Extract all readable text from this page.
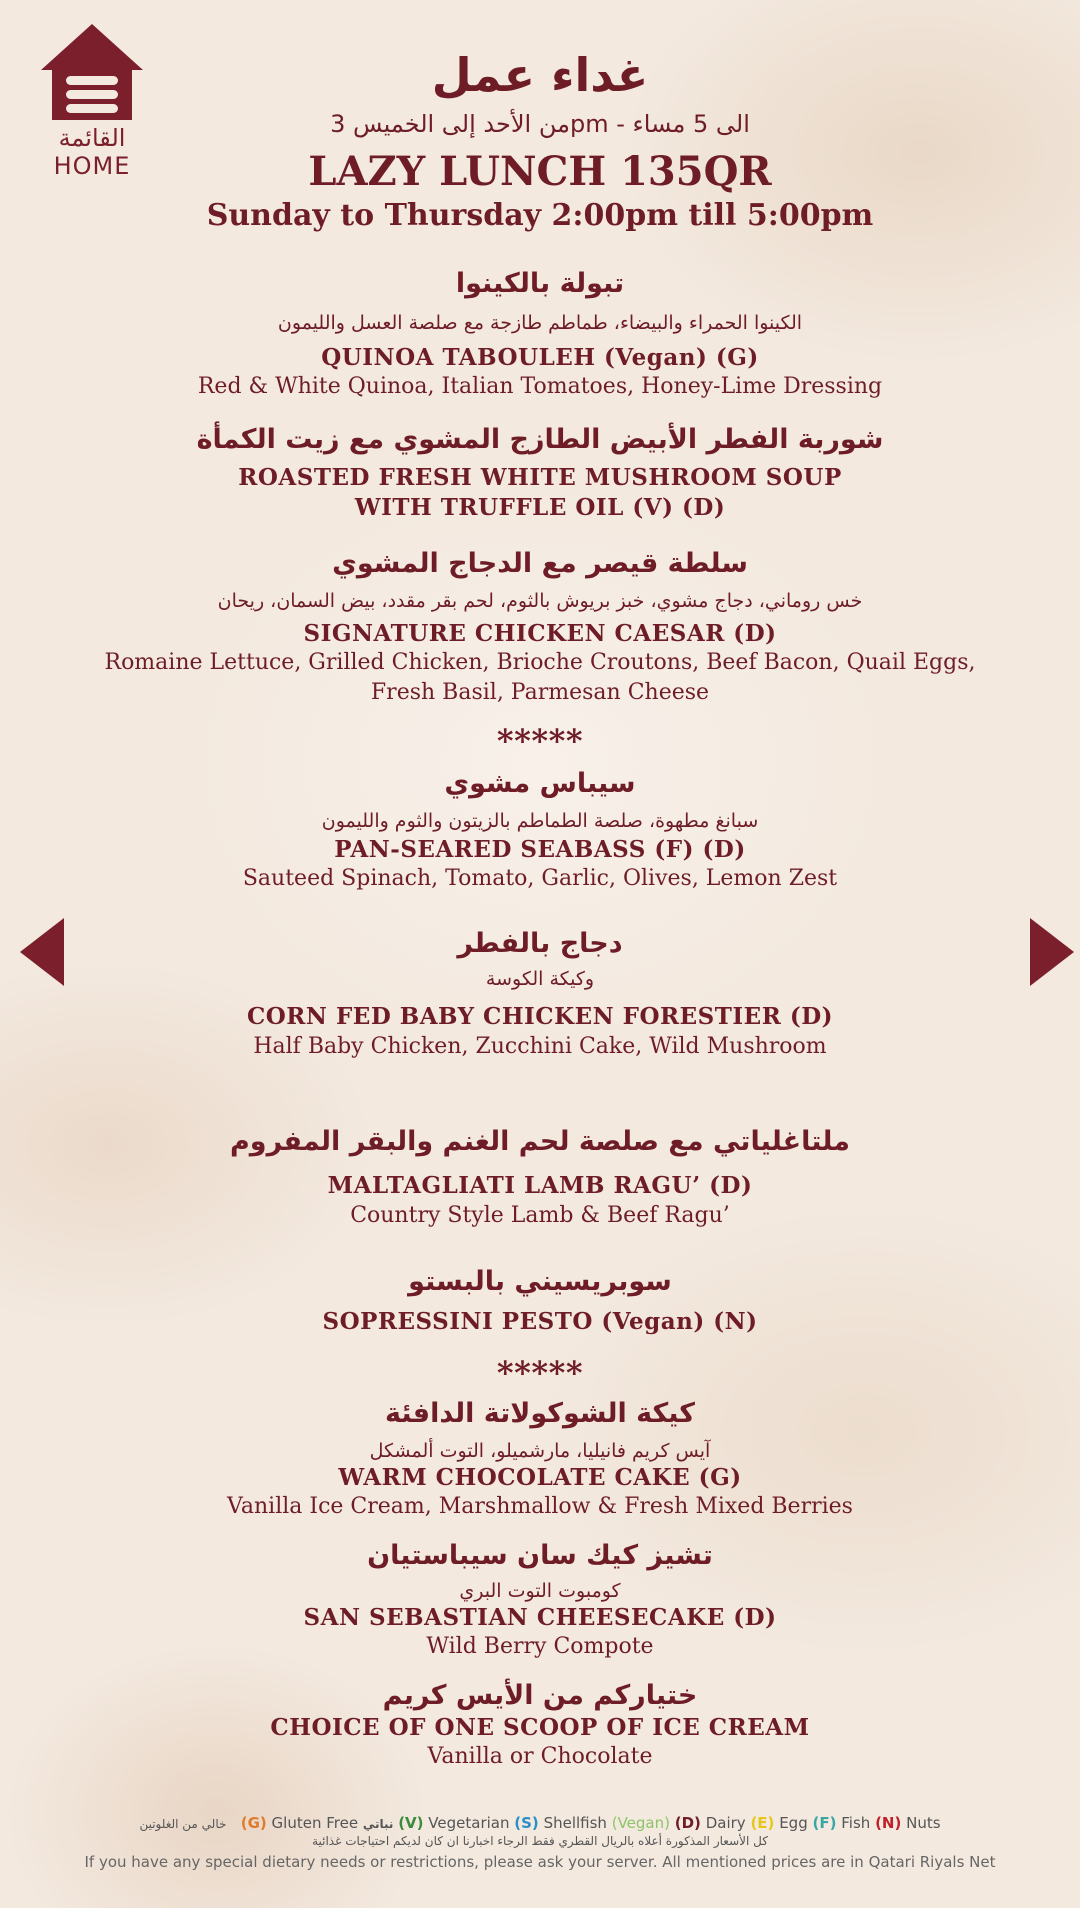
القائمة
HOME
غداء عمل
من الأحد إلى الخميس 3pm - الى 5 مساء
LAZY LUNCH 135QR
Sunday to Thursday 2:00pm till 5:00pm
تبولة بالكينوا
الكينوا الحمراء والبيضاء، طماطم طازجة مع صلصة العسل والليمون
QUINOA TABOULEH (Vegan) (G)
Red & White Quinoa, Italian Tomatoes, Honey-Lime Dressing
شوربة الفطر الأبيض الطازج المشوي مع زيت الكمأة
ROASTED FRESH WHITE MUSHROOM SOUP
WITH TRUFFLE OIL (V) (D)
سلطة قيصر مع الدجاج المشوي
خس روماني، دجاج مشوي، خبز بريوش بالثوم، لحم بقر مقدد، بيض السمان، ريحان
SIGNATURE CHICKEN CAESAR (D)
Romaine Lettuce, Grilled Chicken, Brioche Croutons, Beef Bacon, Quail Eggs,
Fresh Basil, Parmesan Cheese
*****
سيباس مشوي
سبانغ مطهوة، صلصة الطماطم بالزيتون والثوم والليمون
PAN-SEARED SEABASS (F) (D)
Sauteed Spinach, Tomato, Garlic, Olives, Lemon Zest
دجاج بالفطر
وكيكة الكوسة
CORN FED BABY CHICKEN FORESTIER (D)
Half Baby Chicken, Zucchini Cake, Wild Mushroom
ملتاغلياتي مع صلصة لحم الغنم والبقر المفروم
MALTAGLIATI LAMB RAGU’ (D)
Country Style Lamb & Beef Ragu’
سوبريسيني بالبستو
SOPRESSINI PESTO (Vegan) (N)
*****
كيكة الشوكولاتة الدافئة
آيس كريم فانيليا، مارشميلو، التوت ألمشكل
WARM CHOCOLATE CAKE (G)
Vanilla Ice Cream, Marshmallow & Fresh Mixed Berries
تشيز كيك سان سيباستيان
كومبوت التوت البري
SAN SEBASTIAN CHEESECAKE (D)
Wild Berry Compote
ختياركم من الأيس كريم
CHOICE OF ONE SCOOP OF ICE CREAM
Vanilla or Chocolate
خالي من الغلوتين (G) Gluten Free نباتي (V) Vegetarian (S) Shellfish (Vegan) (D) Dairy (E) Egg (F) Fish (N) Nuts
كل الأسعار المذكورة أعلاه بالريال القطري فقط الرجاء اخبارنا ان كان لديكم احتياجات غذائية
If you have any special dietary needs or restrictions, please ask your server. All mentioned prices are in Qatari Riyals Net
